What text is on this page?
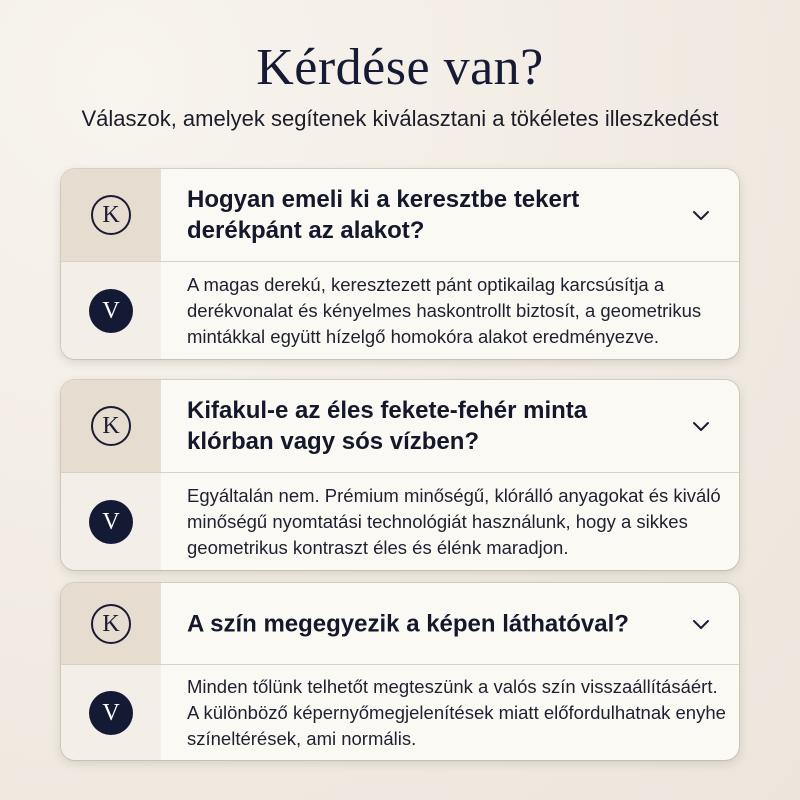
Kérdése van?
Válaszok, amelyek segítenek kiválasztani a tökéletes illeszkedést
K
Hogyan emeli ki a keresztbe tekert derékpánt az alakot?
V
A magas derekú, keresztezett pánt optikailag karcsúsítja a derékvonalat és kényelmes haskontrollt biztosít, a geometrikus mintákkal együtt hízelgő homokóra alakot eredményezve.
K
Kifakul-e az éles fekete-fehér minta klórban vagy sós vízben?
V
Egyáltalán nem. Prémium minőségű, klórálló anyagokat és kiváló minőségű nyomtatási technológiát használunk, hogy a sikkes geometrikus kontraszt éles és élénk maradjon.
K	A szín megegyezik a képen láthatóval?
V
Minden tőlünk telhetőt megteszünk a valós szín visszaállításáért. A különböző képernyőmegjelenítések miatt előfordulhatnak enyhe színeltérések, ami normális.
